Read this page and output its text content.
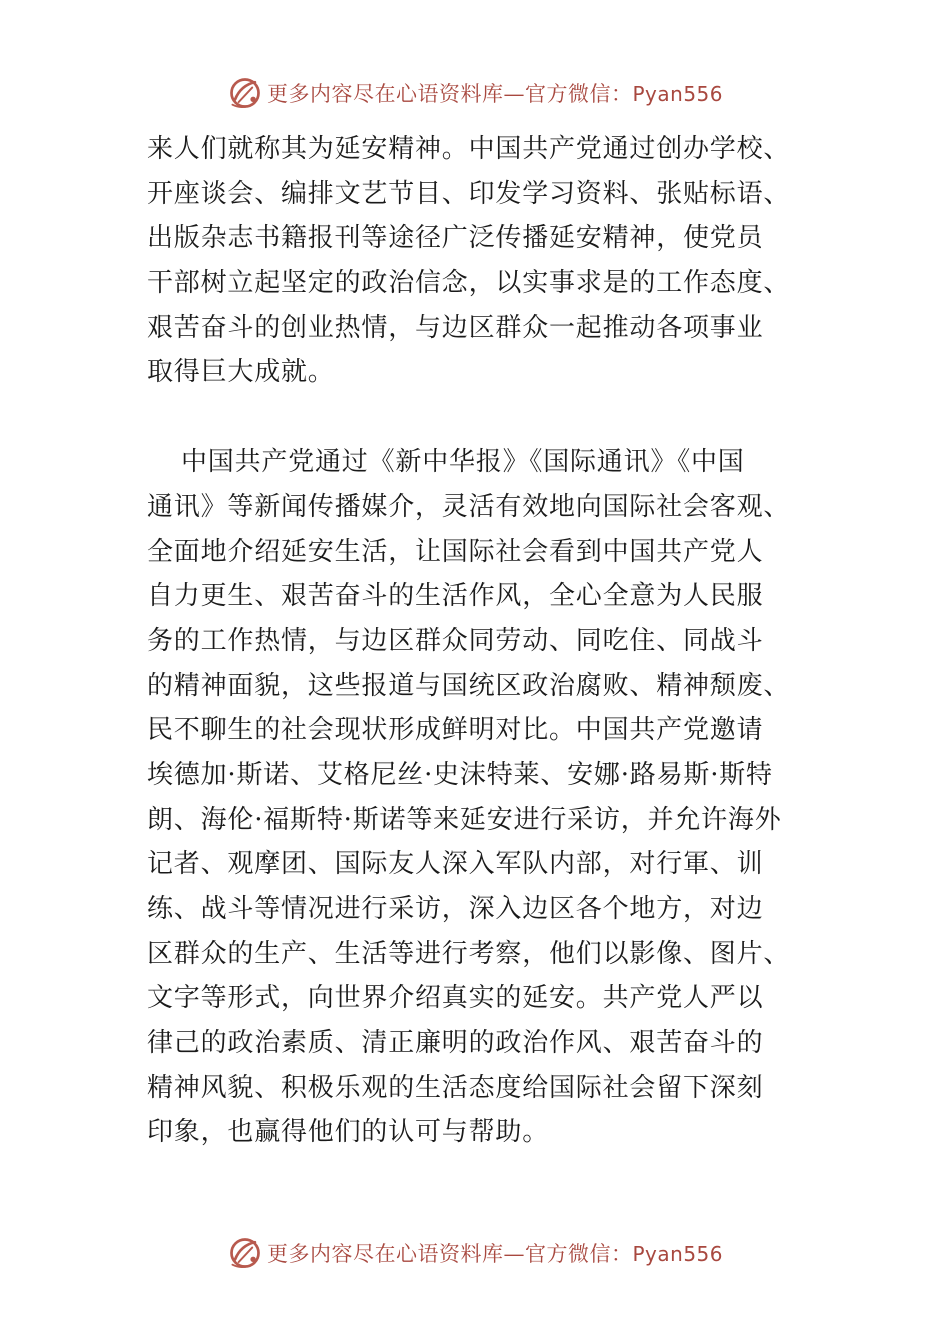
更多内容尽在心语资料库—官方微信：Pyan556
来人们就称其为延安精神。中国共产党通过创办学校、
开座谈会、编排文艺节目、印发学习资料、张贴标语、
出版杂志书籍报刊等途径广泛传播延安精神，使党员
干部树立起坚定的政治信念，以实事求是的工作态度、
艰苦奋斗的创业热情，与边区群众一起推动各项事业
取得巨大成就。
中国共产党通过《新中华报》《国际通讯》《中国
通讯》等新闻传播媒介，灵活有效地向国际社会客观、
全面地介绍延安生活，让国际社会看到中国共产党人
自力更生、艰苦奋斗的生活作风，全心全意为人民服
务的工作热情，与边区群众同劳动、同吃住、同战斗
的精神面貌，这些报道与国统区政治腐败、精神颓废、
民不聊生的社会现状形成鲜明对比。中国共产党邀请
埃德加·斯诺、艾格尼丝·史沫特莱、安娜·路易斯·斯特
朗、海伦·福斯特·斯诺等来延安进行采访，并允许海外
记者、观摩团、国际友人深入军队内部，对行軍、训
练、战斗等情况进行采访，深入边区各个地方，对边
区群众的生产、生活等进行考察，他们以影像、图片、
文字等形式，向世界介绍真实的延安。共产党人严以
律己的政治素质、清正廉明的政治作风、艰苦奋斗的
精神风貌、积极乐观的生活态度给国际社会留下深刻
印象，也赢得他们的认可与帮助。
更多内容尽在心语资料库—官方微信：Pyan556
